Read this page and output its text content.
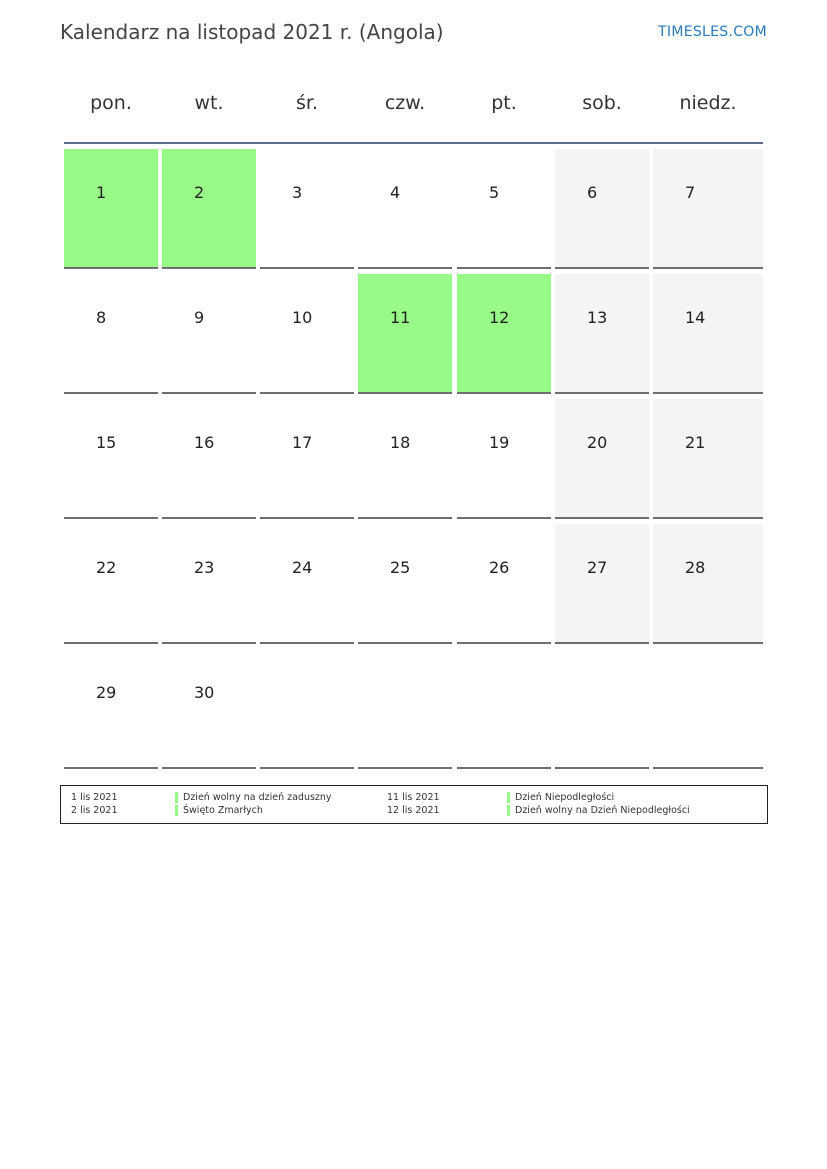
Kalendarz na listopad 2021 r. (Angola)	TIMESLES.COM
pon.	wt.	śr.	czw.	pt.	sob.	niedz.
1	2	3	4	5	6	7
8	9	10	11	12	13	14
15	16	17	18	19	20	21
22	23	24	25	26	27	28
29	30
1 lis 2021	Dzień wolny na dzień zaduszny
2 lis 2021	Święto Zmarłych
11 lis 2021	Dzień Niepodległości
12 lis 2021	Dzień wolny na Dzień Niepodległości
